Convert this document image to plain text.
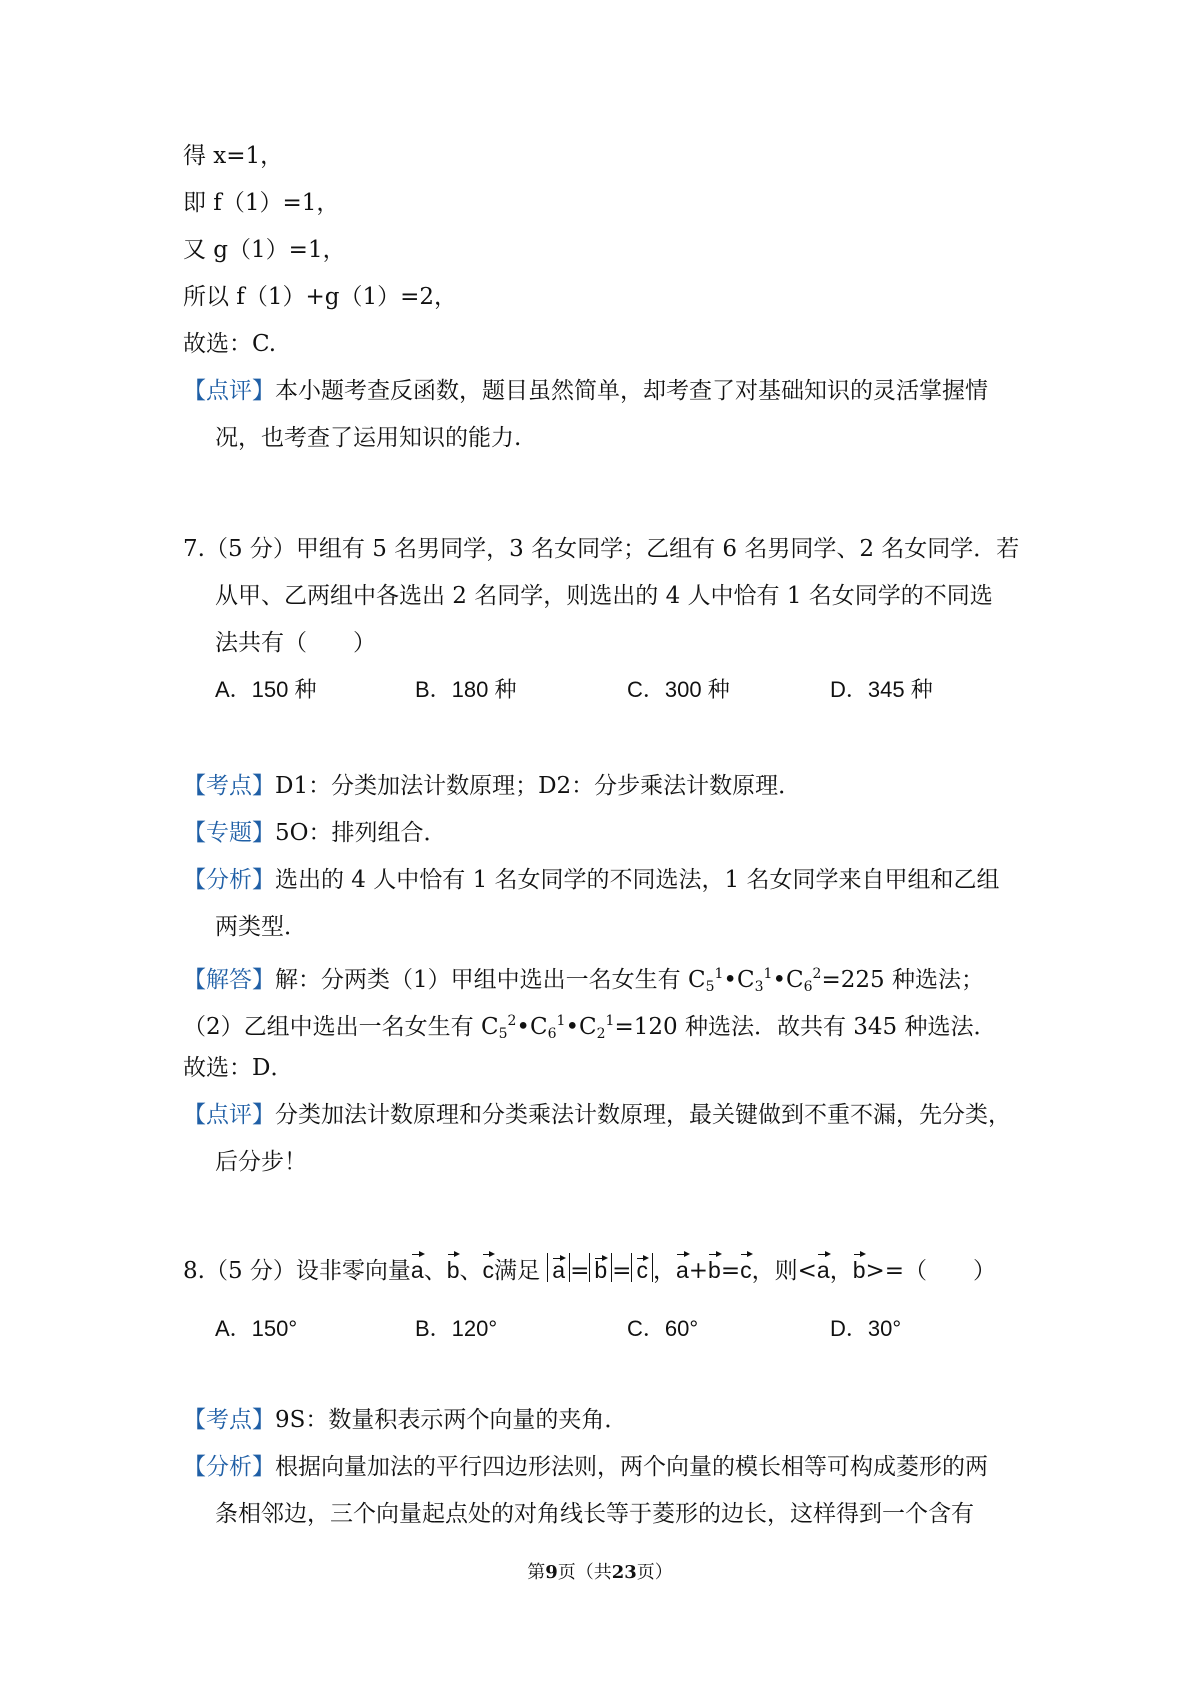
得 x=1，
即 f（1）=1，
又 g（1）=1，
所以 f（1）+g（1）=2，
故选：C.
【点评】本小题考查反函数，题目虽然简单，却考查了对基础知识的灵活掌握情
况，也考查了运用知识的能力.
7.（5 分）甲组有 5 名男同学，3 名女同学；乙组有 6 名男同学、2 名女同学．若
从甲、乙两组中各选出 2 名同学，则选出的 4 人中恰有 1 名女同学的不同选
法共有（　　）
A．150 种	B．180 种	C．300 种	D．345 种
【考点】D1：分类加法计数原理；D2：分步乘法计数原理．
【专题】5O：排列组合．
【分析】选出的 4 人中恰有 1 名女同学的不同选法，1 名女同学来自甲组和乙组
两类型．
【解答】解：分两类（1）甲组中选出一名女生有 $C_5^1•C_3^1•C_6^2=225$ 种选法；
（2）乙组中选出一名女生有 $C_5^2•C_6^1•C_2^1=120$ 种选法．故共有 345 种选法．
故选：D．
【点评】分类加法计数原理和分类乘法计数原理，最关键做到不重不漏，先分类，
后分步！
8.（5 分）设非零向量a、b、c满足 a = b = c ，a+b=c，则<a，b>=（　　）
A．150°	B．120°	C．60°	D．30°
【考点】9S：数量积表示两个向量的夹角．
【分析】根据向量加法的平行四边形法则，两个向量的模长相等可构成菱形的两
条相邻边，三个向量起点处的对角线长等于菱形的边长，这样得到一个含有
第9页（共23页）
